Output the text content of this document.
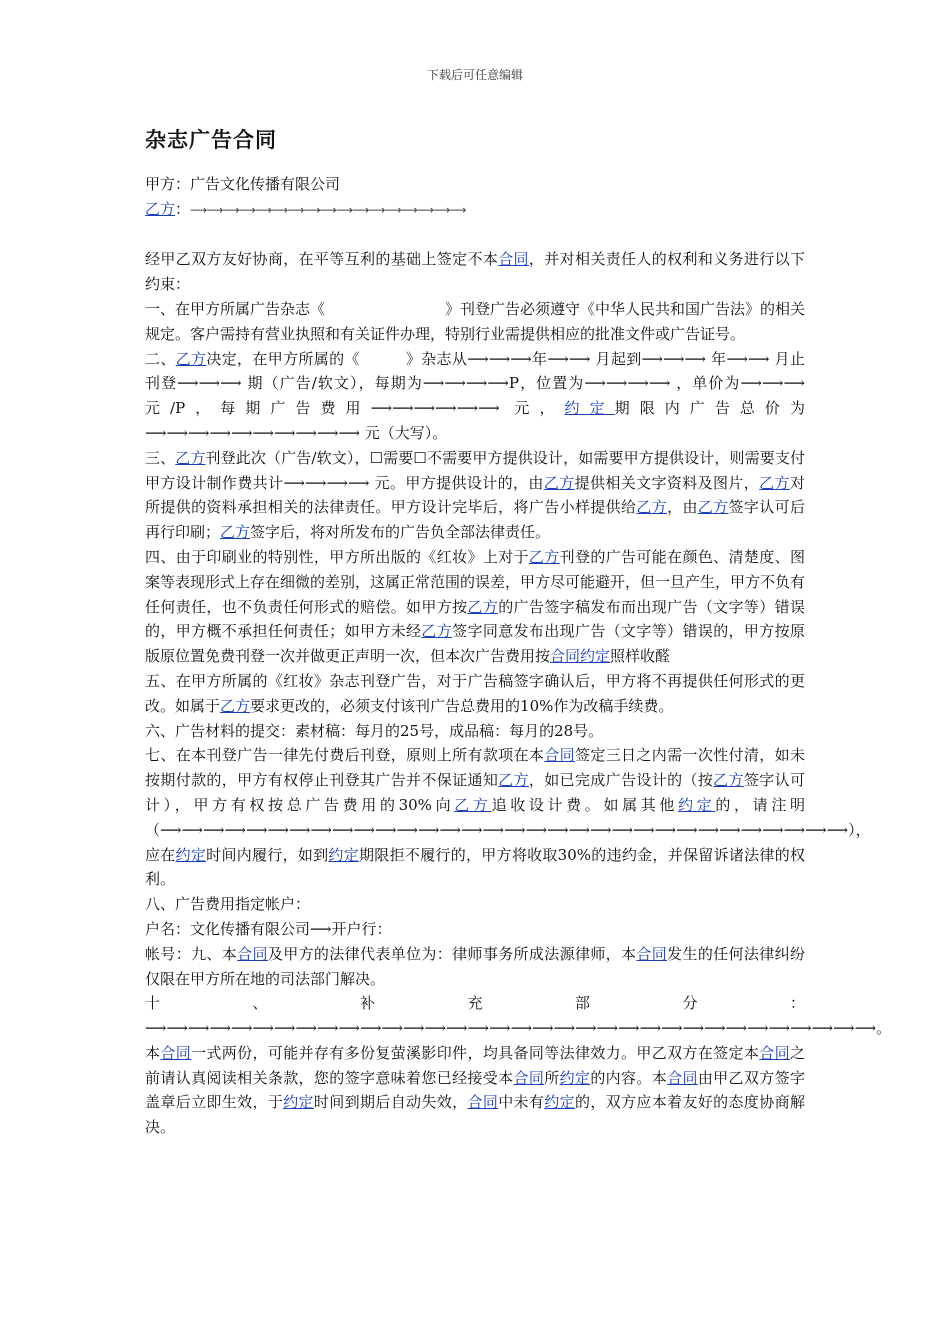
下载后可任意编辑
杂志广告合同

甲方：广告文化传播有限公司

乙方：⟶⟶⟶⟶⟶⟶⟶⟶⟶⟶⟶⟶⟶⟶⟶⟶⟶

经甲乙双方友好协商，在平等互利的基础上签定不本合同，并对相关责任人的权利和义务进行以下约束：

一、在甲方所属广告杂志《　　　　　　　　》刊登广告必须遵守《中华人民共和国广告法》的相关规定。客户需持有营业执照和有关证件办理，特别行业需提供相应的批准文件或广告证号。

二、乙方决定，在甲方所属的《　　　》杂志从⟶⟶⟶年⟶⟶ 月起到⟶⟶⟶ 年⟶⟶ 月止刊登⟶⟶⟶ 期（广告/软文），每期为⟶⟶⟶⟶P，位置为⟶⟶⟶⟶ ，单价为⟶⟶⟶ 元/P，每期广告费用⟶⟶⟶⟶⟶⟶ 元，约定期限内广告总价为⟶⟶⟶⟶⟶⟶⟶⟶⟶⟶ 元（大写）。

三、乙方刊登此次（广告/软文），☐需要☐不需要甲方提供设计，如需要甲方提供设计，则需要支付甲方设计制作费共计⟶⟶⟶⟶ 元。甲方提供设计的，由乙方提供相关文字资料及图片，乙方对所提供的资料承担相关的法律责任。甲方设计完毕后，将广告小样提供给乙方，由乙方签字认可后再行印刷；乙方签字后，将对所发布的广告负全部法律责任。

四、由于印刷业的特别性，甲方所出版的《红妆》上对于乙方刊登的广告可能在颜色、清楚度、图案等表现形式上存在细微的差别，这属正常范围的误差，甲方尽可能避开，但一旦产生，甲方不负有任何责任，也不负责任何形式的赔偿。如甲方按乙方的广告签字稿发布而出现广告（文字等）错误的，甲方概不承担任何责任；如甲方未经乙方签字同意发布出现广告（文字等）错误的，甲方按原版原位置免费刊登一次并做更正声明一次，但本次广告费用按合同约定照样收醛

五、在甲方所属的《红妆》杂志刊登广告，对于广告稿签字确认后，甲方将不再提供任何形式的更改。如属于乙方要求更改的，必须支付该刊广告总费用的10%作为改稿手续费。

六、广告材料的提交：素材稿：每月的25号，成品稿：每月的28号。

七、在本刊登广告一律先付费后刊登，原则上所有款项在本合同签定三日之内需一次性付清，如未按期付款的，甲方有权停止刊登其广告并不保证通知乙方，如已完成广告设计的（按乙方签字认可计），甲方有权按总广告费用的30%向乙方追收设计费。如属其他约定的，请注明（⟶⟶⟶⟶⟶⟶⟶⟶⟶⟶⟶⟶⟶⟶⟶⟶⟶⟶⟶⟶⟶⟶⟶⟶⟶⟶⟶⟶⟶⟶⟶⟶），应在约定时间内履行，如到约定期限拒不履行的，甲方将收取30%的违约金，并保留诉诸法律的权利。

八、广告费用指定帐户：

户名：文化传播有限公司⟶开户行：

帐号：九、本合同及甲方的法律代表单位为：律师事务所成法源律师，本合同发生的任何法律纠纷仅限在甲方所在地的司法部门解决。

十、补充部分：⟶⟶⟶⟶⟶⟶⟶⟶⟶⟶⟶⟶⟶⟶⟶⟶⟶⟶⟶⟶⟶⟶⟶⟶⟶⟶⟶⟶⟶⟶⟶⟶⟶⟶。

本合同一式两份，可能并存有多份复萤溪影印件，均具备同等法律效力。甲乙双方在签定本合同之前请认真阅读相关条款，您的签字意味着您已经接受本合同所约定的内容。本合同由甲乙双方签字盖章后立即生效，于约定时间到期后自动失效，合同中未有约定的，双方应本着友好的态度协商解决。
